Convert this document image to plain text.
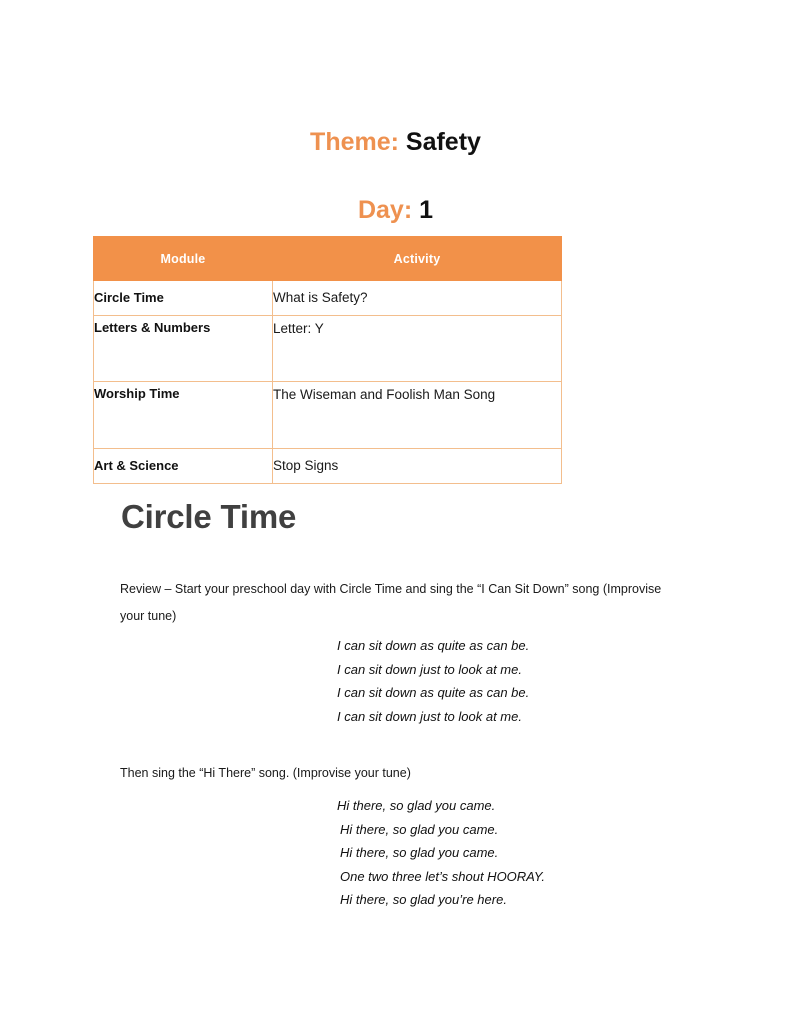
Theme: Safety
Day: 1
Module	Activity
Circle Time	What is Safety?
Letters & Numbers	Letter: Y
Worship Time	The Wiseman and Foolish Man Song
Art & Science	Stop Signs
Circle Time
Review – Start your preschool day with Circle Time and sing the “I Can Sit Down” song (Improvise your tune)
I can sit down as quite as can be.
I can sit down just to look at me.
I can sit down as quite as can be.
I can sit down just to look at me.
Then sing the “Hi There” song. (Improvise your tune)
Hi there, so glad you came.
Hi there, so glad you came.
Hi there, so glad you came.
One two three let’s shout HOORAY.
Hi there, so glad you’re here.
